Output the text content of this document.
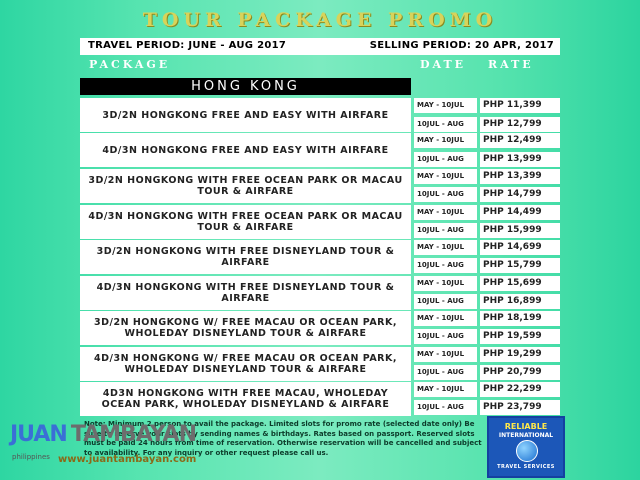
TOUR PACKAGE PROMO
TRAVEL PERIOD: JUNE - AUG 2017	SELLING PERIOD: 20 APR, 2017
PACKAGE	DATE RATE
HONG KONG
3D/2N HONGKONG FREE AND EASY WITH AIRFARE
MAY - 10JUL PHP 11,399
10JUL - AUG PHP 12,799
4D/3N HONGKONG FREE AND EASY WITH AIRFARE
MAY - 10JUL PHP 12,499
10JUL - AUG PHP 13,999
3D/2N HONGKONG WITH FREE OCEAN PARK OR MACAU TOUR & AIRFARE
MAY - 10JUL PHP 13,399
10JUL - AUG PHP 14,799
4D/3N HONGKONG WITH FREE OCEAN PARK OR MACAU TOUR & AIRFARE
MAY - 10JUL PHP 14,499
10JUL - AUG PHP 15,999
3D/2N HONGKONG WITH FREE DISNEYLAND TOUR & AIRFARE
MAY - 10JUL PHP 14,699
10JUL - AUG PHP 15,799
4D/3N HONGKONG WITH FREE DISNEYLAND TOUR & AIRFARE
MAY - 10JUL PHP 15,699
10JUL - AUG PHP 16,899
3D/2N HONGKONG W/ FREE MACAU OR OCEAN PARK, WHOLEDAY DISNEYLAND TOUR & AIRFARE
MAY - 10JUL PHP 18,199
10JUL - AUG PHP 19,599
4D/3N HONGKONG W/ FREE MACAU OR OCEAN PARK, WHOLEDAY DISNEYLAND TOUR & AIRFARE
MAY - 10JUL PHP 19,299
10JUL - AUG PHP 20,799
4D3N HONGKONG WITH FREE MACAU, WHOLEDAY OCEAN PARK, WHOLEDAY DISNEYLAND & AIRFARE
MAY - 10JUL PHP 22,299
10JUL - AUG PHP 23,799
Note: Minimum 2 person to avail the package. Limited slots for promo rate (selected date only) Be sure to reserve your slots by sending names & birthdays. Rates based on passport. Reserved slots must be paid 24 hours from time of reservation. Otherwise reservation will be cancelled and subject to availability. For any inquiry or other request please call us.
RELIABLE
INTERNATIONAL
TRAVEL SERVICES
JUAN TAMBAYAN
philippines www.juantambayan.com
